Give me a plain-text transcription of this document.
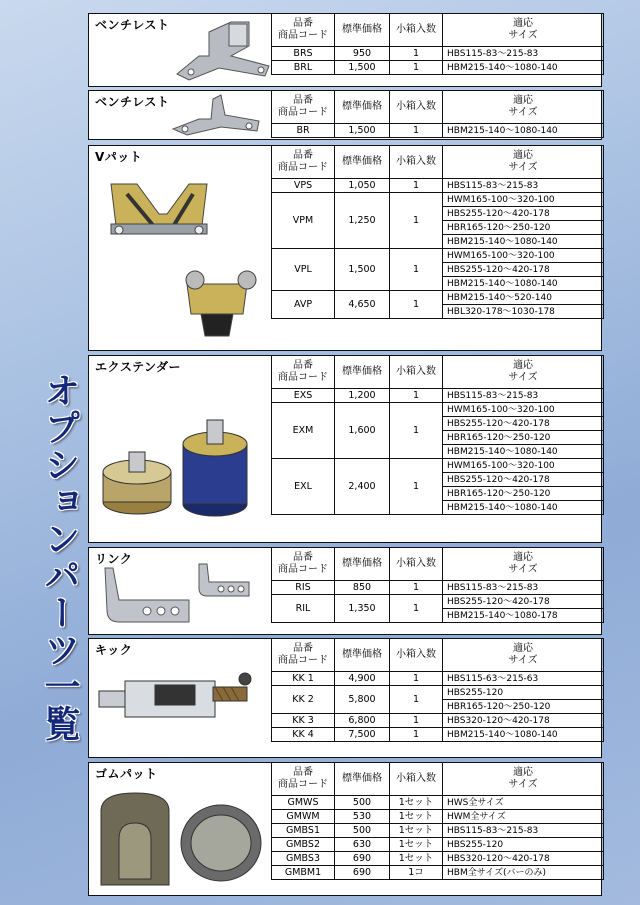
オプションパーツ一覧
ベンチレスト	品番
商品コード	標準価格	小箱入数	適応
サイズ
BRS	950	1	HBS115-83～215-83
BRL	1,500	1	HBM215-140～1080-140
ベンチレスト	品番
商品コード	標準価格	小箱入数	適応
サイズ
BR	1,500	1	HBM215-140～1080-140
Vパット	品番
商品コード	標準価格	小箱入数	適応
サイズ
VPS	1,050	1	HBS115-83～215-83
VPM	1,250	1	HWM165-100～320-100
			HBS255-120～420-178
			HBR165-120～250-120
			HBM215-140～1080-140
VPL	1,500	1	HWM165-100～320-100
			HBS255-120～420-178
			HBM215-140～1080-140
AVP	4,650	1	HBM215-140～520-140
			HBL320-178～1030-178
エクステンダー	品番
商品コード	標準価格	小箱入数	適応
サイズ
EXS	1,200	1	HBS115-83～215-83
EXM	1,600	1	HWM165-100～320-100
			HBS255-120～420-178
			HBR165-120～250-120
			HBM215-140～1080-140
EXL	2,400	1	HWM165-100～320-100
			HBS255-120～420-178
			HBR165-120～250-120
			HBM215-140～1080-140
リンク	品番
商品コード	標準価格	小箱入数	適応
サイズ
RIS	850	1	HBS115-83～215-83
RIL	1,350	1	HBS255-120～420-178
			HBM215-140～1080-178
キック	品番
商品コード	標準価格	小箱入数	適応
サイズ
KK 1	4,900	1	HBS115-63～215-63
KK 2	5,800	1	HBS255-120
			HBR165-120～250-120
KK 3	6,800	1	HBS320-120～420-178
KK 4	7,500	1	HBM215-140～1080-140
ゴムパット	品番
商品コード	標準価格	小箱入数	適応
サイズ
GMWS	500	1セット	HWS全サイズ
GMWM	530	1セット	HWM全サイズ
GMBS1	500	1セット	HBS115-83～215-83
GMBS2	630	1セット	HBS255-120
GMBS3	690	1セット	HBS320-120～420-178
GMBM1	690	1コ	HBM全サイズ(バーのみ)
